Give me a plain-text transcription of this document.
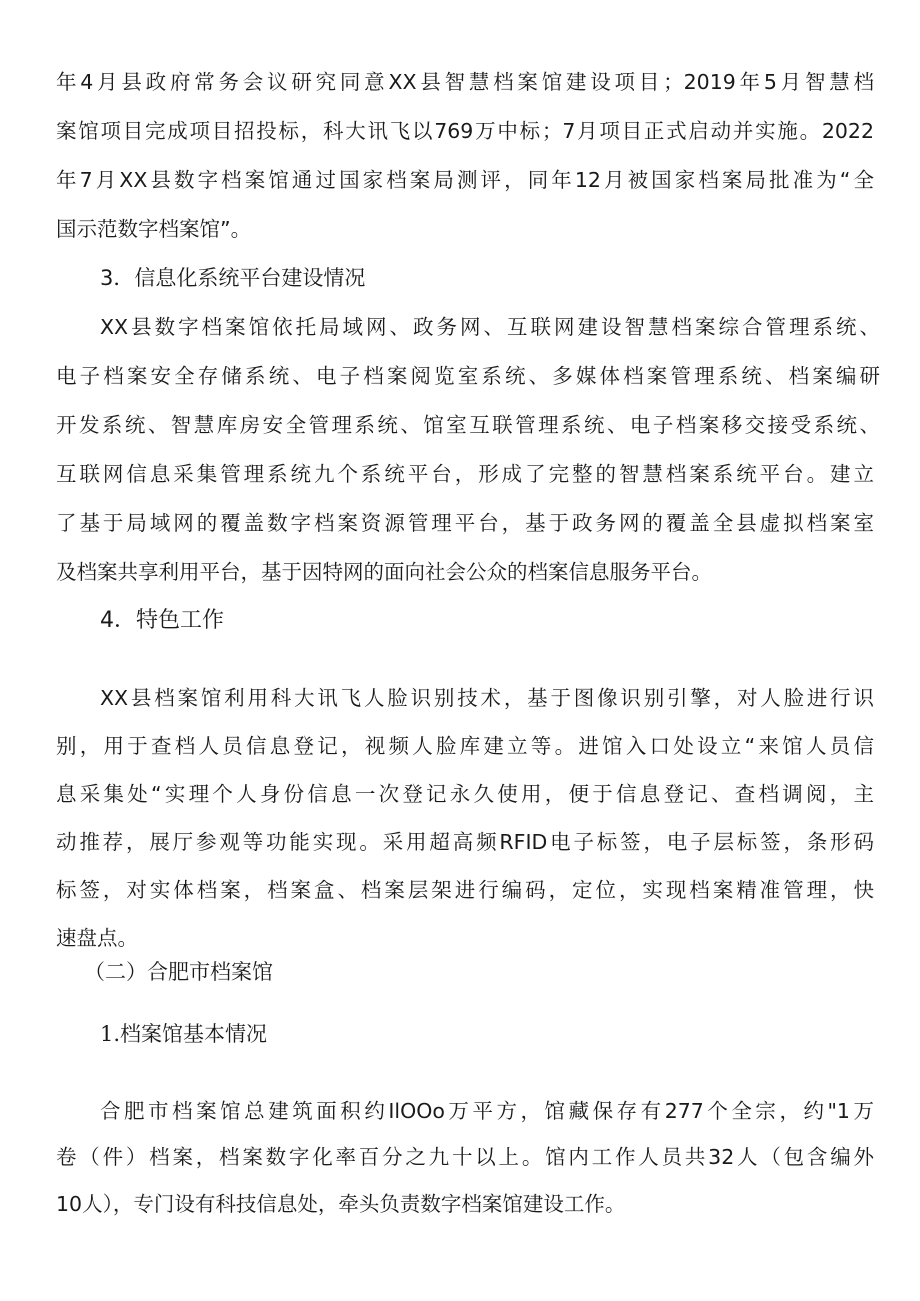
年4月县政府常务会议研究同意XX县智慧档案馆建设项目；2019年5月智慧档

案馆项目完成项目招投标，科大讯飞以769万中标；7月项目正式启动并实施。2022

年7月XX县数字档案馆通过国家档案局测评，同年12月被国家档案局批准为“全

国示范数字档案馆”。

3．信息化系统平台建设情况

XX县数字档案馆依托局域网、政务网、互联网建设智慧档案综合管理系统、

电子档案安全存储系统、电子档案阅览室系统、多媒体档案管理系统、档案编研

开发系统、智慧库房安全管理系统、馆室互联管理系统、电子档案移交接受系统、

互联网信息采集管理系统九个系统平台，形成了完整的智慧档案系统平台。建立

了基于局域网的覆盖数字档案资源管理平台，基于政务网的覆盖全县虚拟档案室

及档案共享利用平台，基于因特网的面向社会公众的档案信息服务平台。

4．特色工作

XX县档案馆利用科大讯飞人脸识别技术，基于图像识别引擎，对人脸进行识

别，用于查档人员信息登记，视频人脸库建立等。进馆入口处设立“来馆人员信

息采集处“实理个人身份信息一次登记永久使用，便于信息登记、查档调阅，主

动推荐，展厅参观等功能实现。采用超高频RFID电子标签，电子层标签，条形码

标签，对实体档案，档案盒、档案层架进行编码，定位，实现档案精准管理，快

速盘点。

（二）合肥市档案馆

1.档案馆基本情况

合肥市档案馆总建筑面积约IlOOo万平方，馆藏保存有277个全宗，约"1万

卷（件）档案，档案数字化率百分之九十以上。馆内工作人员共32人（包含编外

10人），专门设有科技信息处，牵头负责数字档案馆建设工作。
